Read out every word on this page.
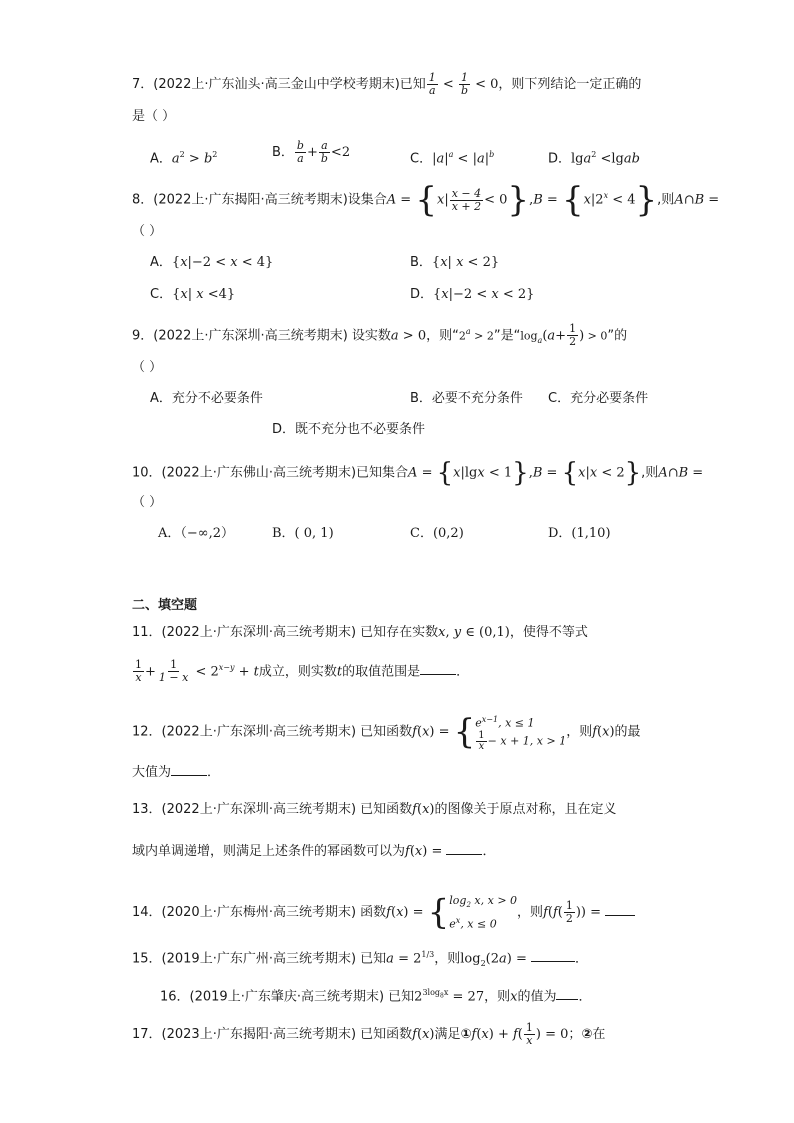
7．(2022上·广东汕头·高三金山中学校考期末)已知 $\frac{1}{a} < \frac{1}{b} < 0$，则下列结论一定正确的
是（ ）
A．$a^2 > b^2$	B． $\frac{b}{a} + \frac{a}{b} <2$	C．$|a|^a < |a|^b$	D．lga$^2$ <lgab
8．(2022上·广东揭阳·高三统考期末)设集合$A = \{x| \frac{x - 4}{x + 2} < 0\},B = \{x|2^x < 4\}$,则A∩B =
（ ）
A．{x|−2 < x < 4}	B．{x| x < 2}
C．{x| x <4}	D．{x|−2 < x < 2}
9．(2022上·广东深圳·高三统考期末) 设实数a > 0，则“$2^a > 2$”是“$\log_a(a+ \frac{1}{2}$ ) > 0”的
（ ）
A．充分不必要条件	B．必要不充分条件 C．充分必要条件
D．既不充分也不必要条件
10．(2022上·广东佛山·高三统考期末)已知集合A = {x|lgx < 1},B = {x|x < 2},则A∩B =
（ ）
A．（−∞,2）	B．( 0, 1)	C．(0,2)	D．(1,10)
二、填空题
11．(2022上·广东深圳·高三统考期末) 已知存在实数x, y ∈ (0,1)，使得不等式
$\frac{1}{x} + \frac{1}{1 - x} < 2^{x-y} + t$成立，则实数t的取值范围是	．
12．(2022上·广东深圳·高三统考期末) 已知函数f(x) = { $e^{x-1}$, x ≤ 1
$\frac{1}{x} - x + 1$, x > 1
，则f(x)的最
大值为	．
13．(2022上·广东深圳·高三统考期末) 已知函数f(x)的图像关于原点对称，且在定义
域内单调递增，则满足上述条件的幂函数可以为f(x) =	．
14．(2020上·广东梅州·高三统考期末) 函数f(x) = { $\log_2 x$, x > 0
$e^x$, x ≤ 0
，则$f(f( \frac{1}{2}$ )) =
15．(2019上·广东广州·高三统考期末) 已知$a = 2^{1/3}$，则$\log_2(2a)$ =	．
16．(2019上·广东肇庆·高三统考期末) 已知$2^{3log_8x} = 27$，则x的值为 ．
17．(2023上·广东揭阳·高三统考期末) 已知函数f(x)满足①f(x) + $f( \frac{1}{x}$ ) = 0；②在
